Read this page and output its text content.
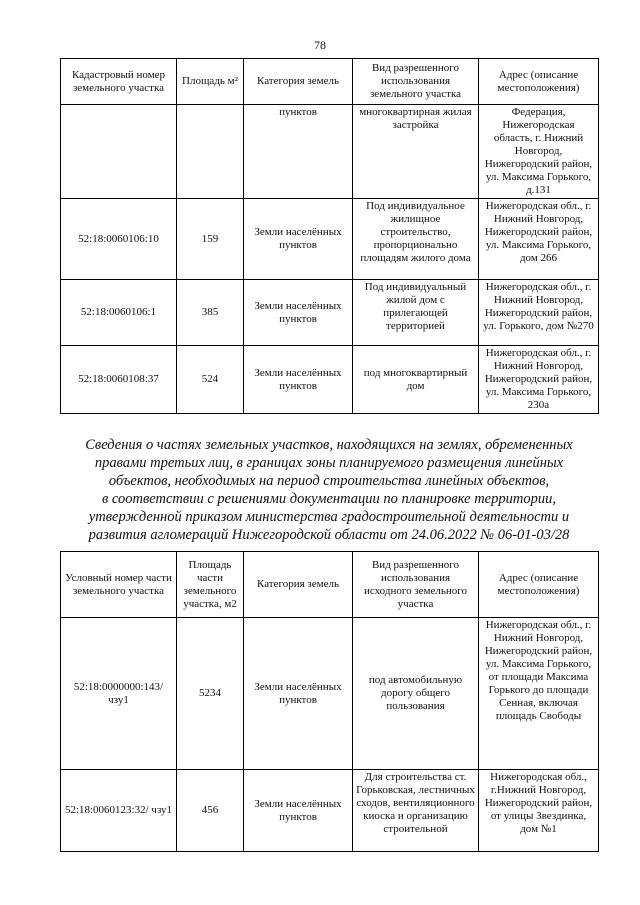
78
Кадастровый номер земельного участка	Площадь м²	Категория земель	Вид разрешенного использования земельного участка	Адрес (описание местоположения)
		пунктов	многоквартирная жилая застройка	Федерация, Нижегородская область, г. Нижний Новгород, Нижегородский район, ул. Максима Горького, д.131
52:18:0060106:10	159	Земли населённых пунктов	Под индивидуальное жилищное строительство, пропорционально площадям жилого дома	Нижегородская обл., г. Нижний Новгород, Нижегородский район, ул. Максима Горького, дом 266
52:18:0060106:1	385	Земли населённых пунктов	Под индивидуальный жилой дом с прилегающей территорией	Нижегородская обл., г. Нижний Новгород, Нижегородский район, ул. Горького, дом №270
52:18:0060108:37	524	Земли населённых пунктов	под многоквартирный дом	Нижегородская обл., г. Нижний Новгород, Нижегородский район, ул. Максима Горького, 230а
Сведения о частях земельных участков, находящихся на землях, обремененных
правами третьих лиц, в границах зоны планируемого размещения линейных
объектов, необходимых на период строительства линейных объектов,
в соответствии с решениями документации по планировке территории,
утвержденной приказом министерства градостроительной деятельности и
развития агломераций Нижегородской области от 24.06.2022 № 06-01-03/28
Условный номер части земельного участка	Площадь части земельного участка, м2	Категория земель	Вид разрешенного использования исходного земельного участка	Адрес (описание местоположения)
52:18:0000000:143/ чзу1	5234	Земли населённых пунктов	под автомобильную дорогу общего пользования	Нижегородская обл., г. Нижний Новгород, Нижегородский район, ул. Максима Горького, от площади Максима Горького до площади Сенная, включая площадь Свободы
52:18:0060123:32/ чзу1	456	Земли населённых пунктов	Для строительства ст. Горьковская, лестничных сходов, вентиляционного киоска и организацию строительной	Нижегородская обл., г.Нижний Новгород, Нижегородский район, от улицы Звездинка, дом №1
